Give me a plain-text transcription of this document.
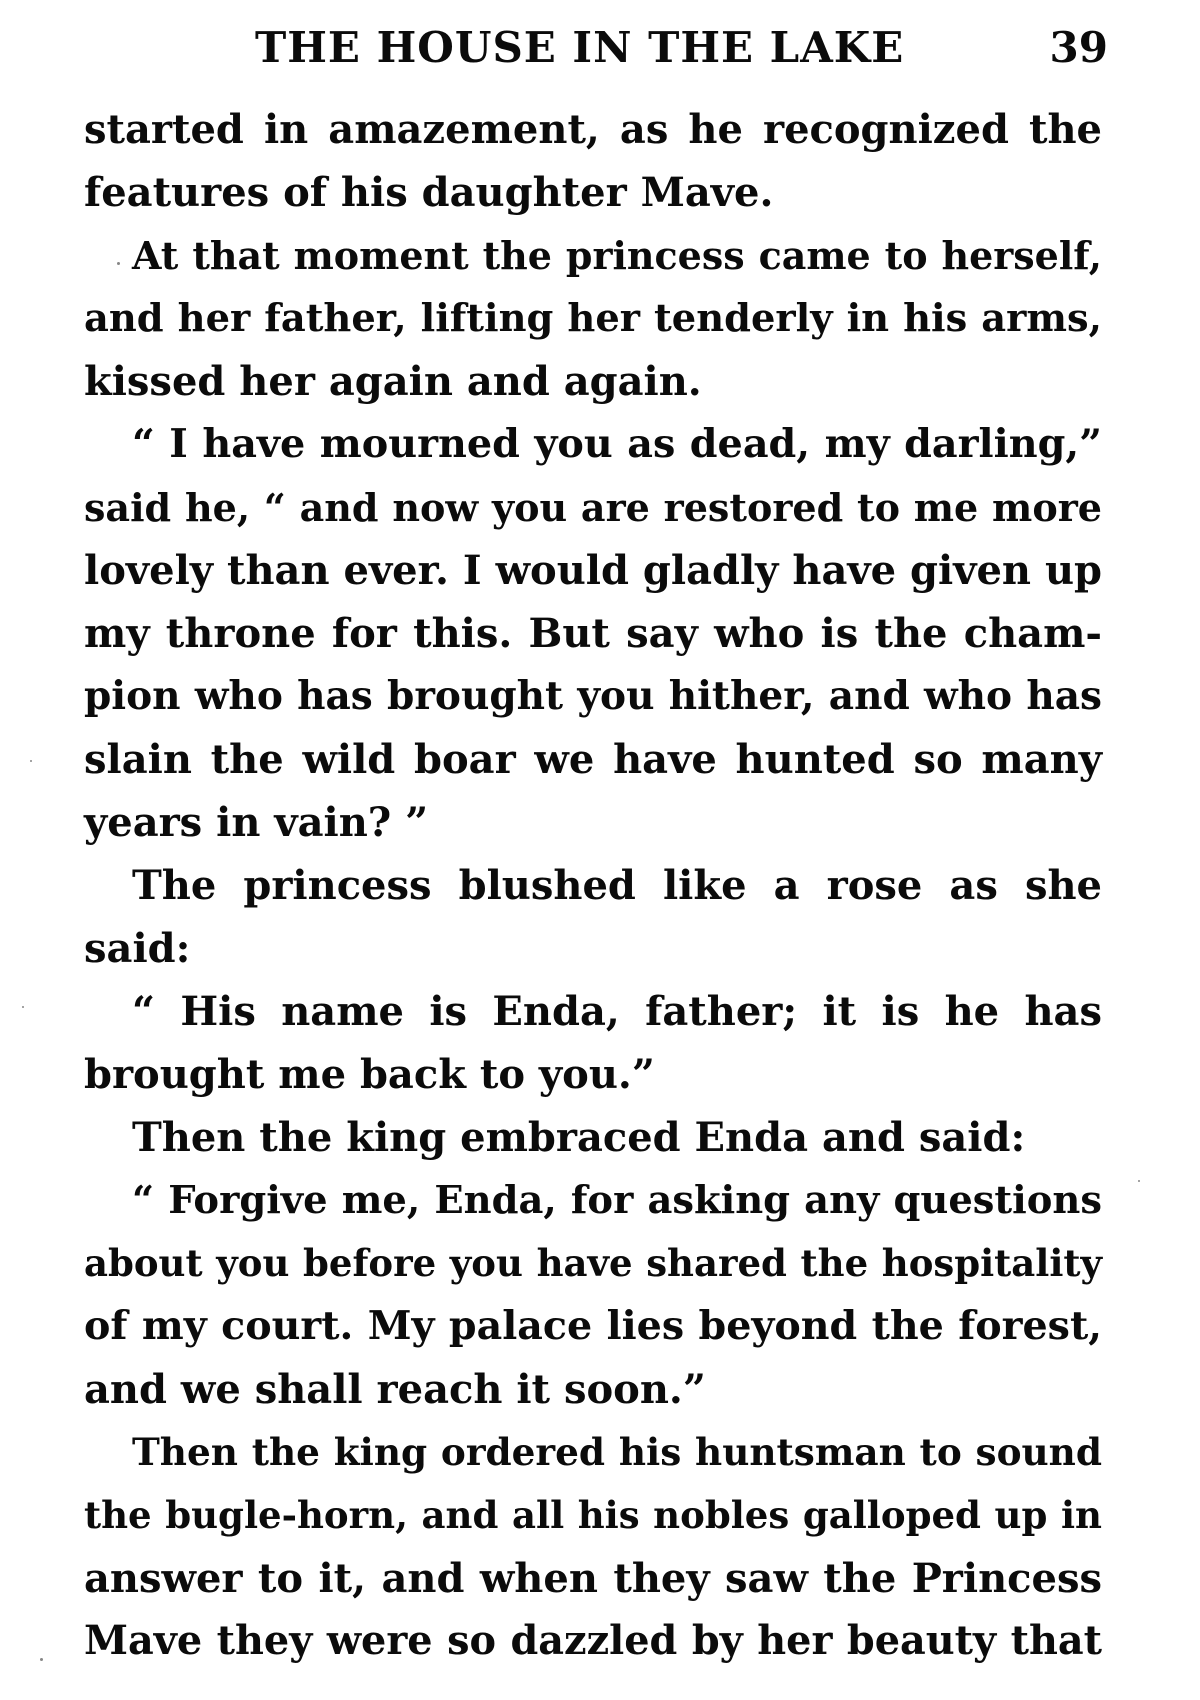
THE HOUSE IN THE LAKE	39
started in amazement, as he recognized the
features of his daughter Mave.
At that moment the princess came to herself,
and her father, lifting her tenderly in his arms,
kissed her again and again.
“ I have mourned you as dead, my darling,”
said he, “ and now you are restored to me more
lovely than ever. I would gladly have given up
my throne for this. But say who is the cham-
pion who has brought you hither, and who has
slain the wild boar we have hunted so many
years in vain? ”
The princess blushed like a rose as she
said:
“ His name is Enda, father; it is he has
brought me back to you.”
Then the king embraced Enda and said:
“ Forgive me, Enda, for asking any questions
about you before you have shared the hospitality
of my court. My palace lies beyond the forest,
and we shall reach it soon.”
Then the king ordered his huntsman to sound
the bugle-horn, and all his nobles galloped up in
answer to it, and when they saw the Princess
Mave they were so dazzled by her beauty that
